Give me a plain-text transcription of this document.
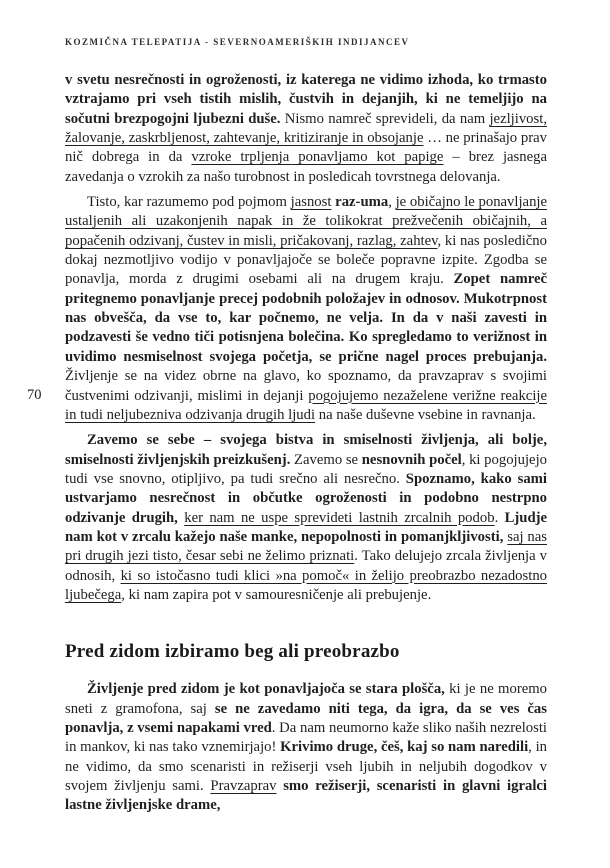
KOZMIČNA TELEPATIJA - SEVERNOAMERIŠKIH INDIJANCEV
70

v svetu nesrečnosti in ogroženosti, iz katerega ne vidimo izhoda, ko trmasto vztrajamo pri vseh tistih mislih, čustvih in dejanjih, ki ne temeljijo na sočutni brezpogojni ljubezni duše. Nismo namreč sprevideli, da nam jezljivost, žalovanje, zaskrbljenost, zahtevanje, kritiziranje in obsojanje … ne prinašajo prav nič dobrega in da vzroke trpljenja ponavljamo kot papige – brez jasnega zavedanja o vzrokih za našo turobnost in posledicah tovrstnega delovanja.

Tisto, kar razumemo pod pojmom jasnost raz-uma, je običajno le ponavljanje ustaljenih ali uzakonjenih napak in že tolikokrat prežvečenih običajnih, a popačenih odzivanj, čustev in misli, pričakovanj, razlag, zahtev, ki nas posledično dokaj nezmotljivo vodijo v ponavljajoče se boleče popravne izpite. Zgodba se ponavlja, morda z drugimi osebami ali na drugem kraju. Zopet namreč pritegnemo ponavljanje precej podobnih položajev in odnosov. Mukotrpnost nas obvešča, da vse to, kar počnemo, ne velja. In da v naši zavesti in podzavesti še vedno tiči potisnjena bolečina. Ko spregledamo to verižnost in uvidimo nesmiselnost svojega početja, se prične nagel proces prebujanja. Življenje se na videz obrne na glavo, ko spoznamo, da pravzaprav s svojimi čustvenimi odzivanji, mislimi in dejanji pogojujemo nezaželene verižne reakcije in tudi neljubezniva odzivanja drugih ljudi na naše duševne vsebine in ravnanja.

Zavemo se sebe – svojega bistva in smiselnosti življenja, ali bolje, smiselnosti življenjskih preizkušenj. Zavemo se nesnovnih počel, ki pogojujejo tudi vse snovno, otipljivo, pa tudi srečno ali nesrečno. Spoznamo, kako sami ustvarjamo nesrečnost in občutke ogroženosti in podobno nestrpno odzivanje drugih, ker nam ne uspe sprevideti lastnih zrcalnih podob. Ljudje nam kot v zrcalu kažejo naše manke, nepopolnosti in pomanjkljivosti, saj nas pri drugih jezi tisto, česar sebi ne želimo priznati. Tako delujejo zrcala življenja v odnosih, ki so istočasno tudi klici »na pomoč« in želijo preobrazbo nezadostno ljubečega, ki nam zapira pot v samouresničenje ali prebujenje.

Pred zidom izbiramo beg ali preobrazbo

Življenje pred zidom je kot ponavljajoča se stara plošča, ki je ne moremo sneti z gramofona, saj se ne zavedamo niti tega, da igra, da se ves čas ponavlja, z vsemi napakami vred. Da nam neumorno kaže sliko naših nezrelosti in mankov, ki nas tako vznemirjajo! Krivimo druge, češ, kaj so nam naredili, in ne vidimo, da smo scenaristi in režiserji vseh ljubih in neljubih dogodkov v svojem življenju sami. Pravzaprav smo režiserji, scenaristi in glavni igralci lastne življenjske drame,
